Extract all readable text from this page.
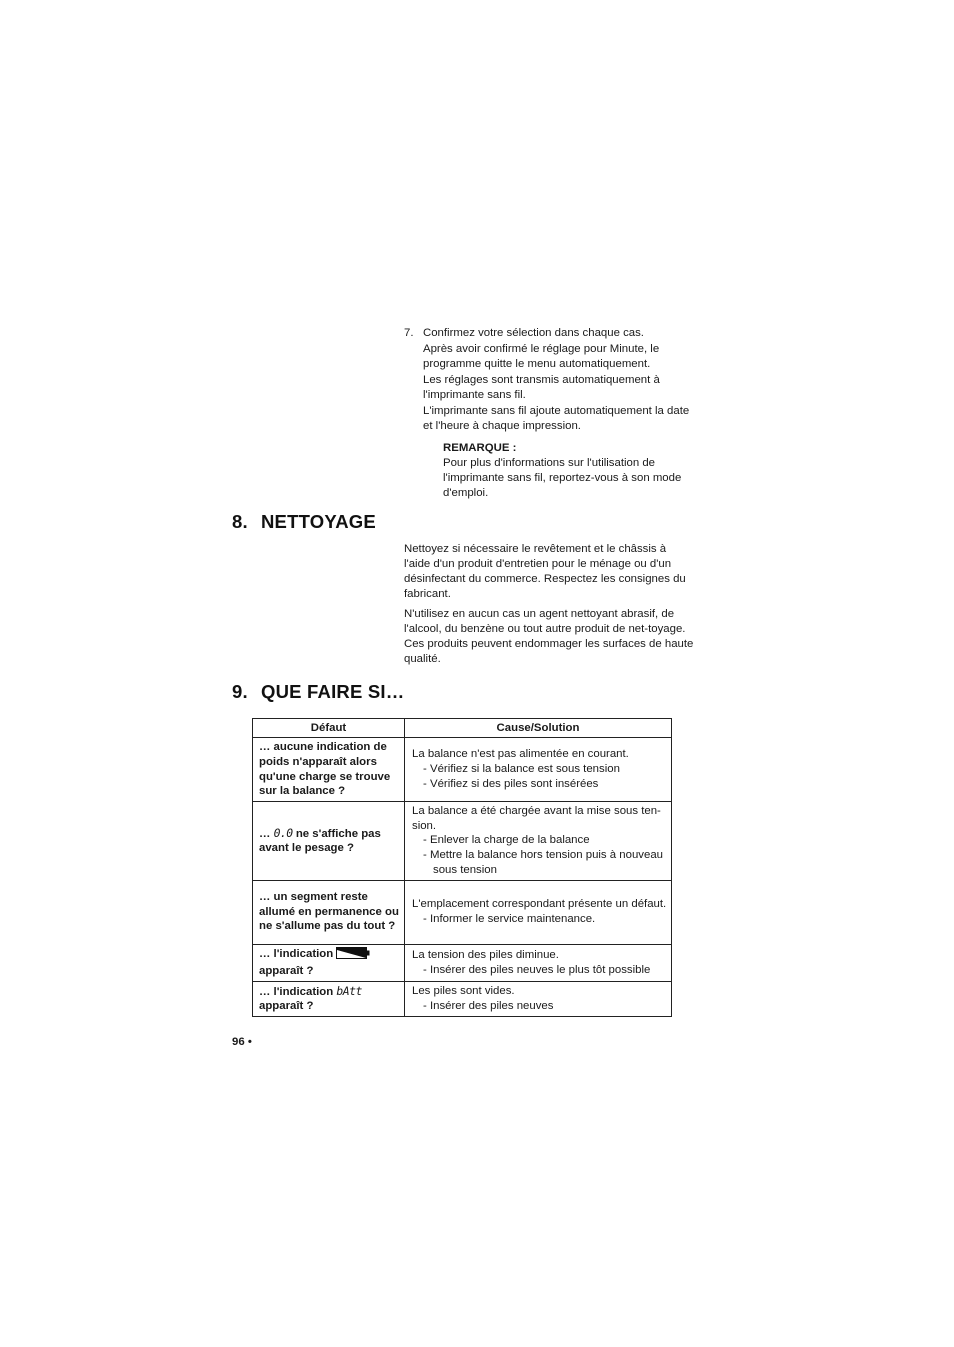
7. Confirmez votre sélection dans chaque cas.

Après avoir confirmé le réglage pour Minute, le programme quitte le menu automatiquement.

Les réglages sont transmis automatiquement à l'imprimante sans fil.

L'imprimante sans fil ajoute automatiquement la date et l'heure à chaque impression.

REMARQUE :

Pour plus d'informations sur l'utilisation de l'imprimante sans fil, reportez-vous à son mode d'emploi.

8. NETTOYAGE

Nettoyez si nécessaire le revêtement et le châssis à l'aide d'un produit d'entretien pour le ménage ou d'un désinfectant du commerce. Respectez les consignes du fabricant.

N'utilisez en aucun cas un agent nettoyant abrasif, de l'alcool, du benzène ou tout autre produit de net-toyage. Ces produits peuvent endommager les surfaces de haute qualité.

9. QUE FAIRE SI…
Défaut	Cause/Solution
… aucune indication de poids n'apparaît alors qu'une charge se trouve sur la balance ?	La balance n'est pas alimentée en courant.
- Vérifiez si la balance est sous tension
- Vérifiez si des piles sont insérées

… 0.0 ne s'affiche pas avant le pesage ?	La balance a été chargée avant la mise sous ten-sion.
- Enlever la charge de la balance
- Mettre la balance hors tension puis à nouveau sous tension

… un segment reste allumé en permanence ou ne s'allume pas du tout ?	L'emplacement correspondant présente un défaut.
- Informer le service maintenance.

… l'indication
apparaît ?	La tension des piles diminue.
- Insérer des piles neuves le plus tôt possible

… l'indication bAtt
apparaît ?	Les piles sont vides.
- Insérer des piles neuves
96 •
